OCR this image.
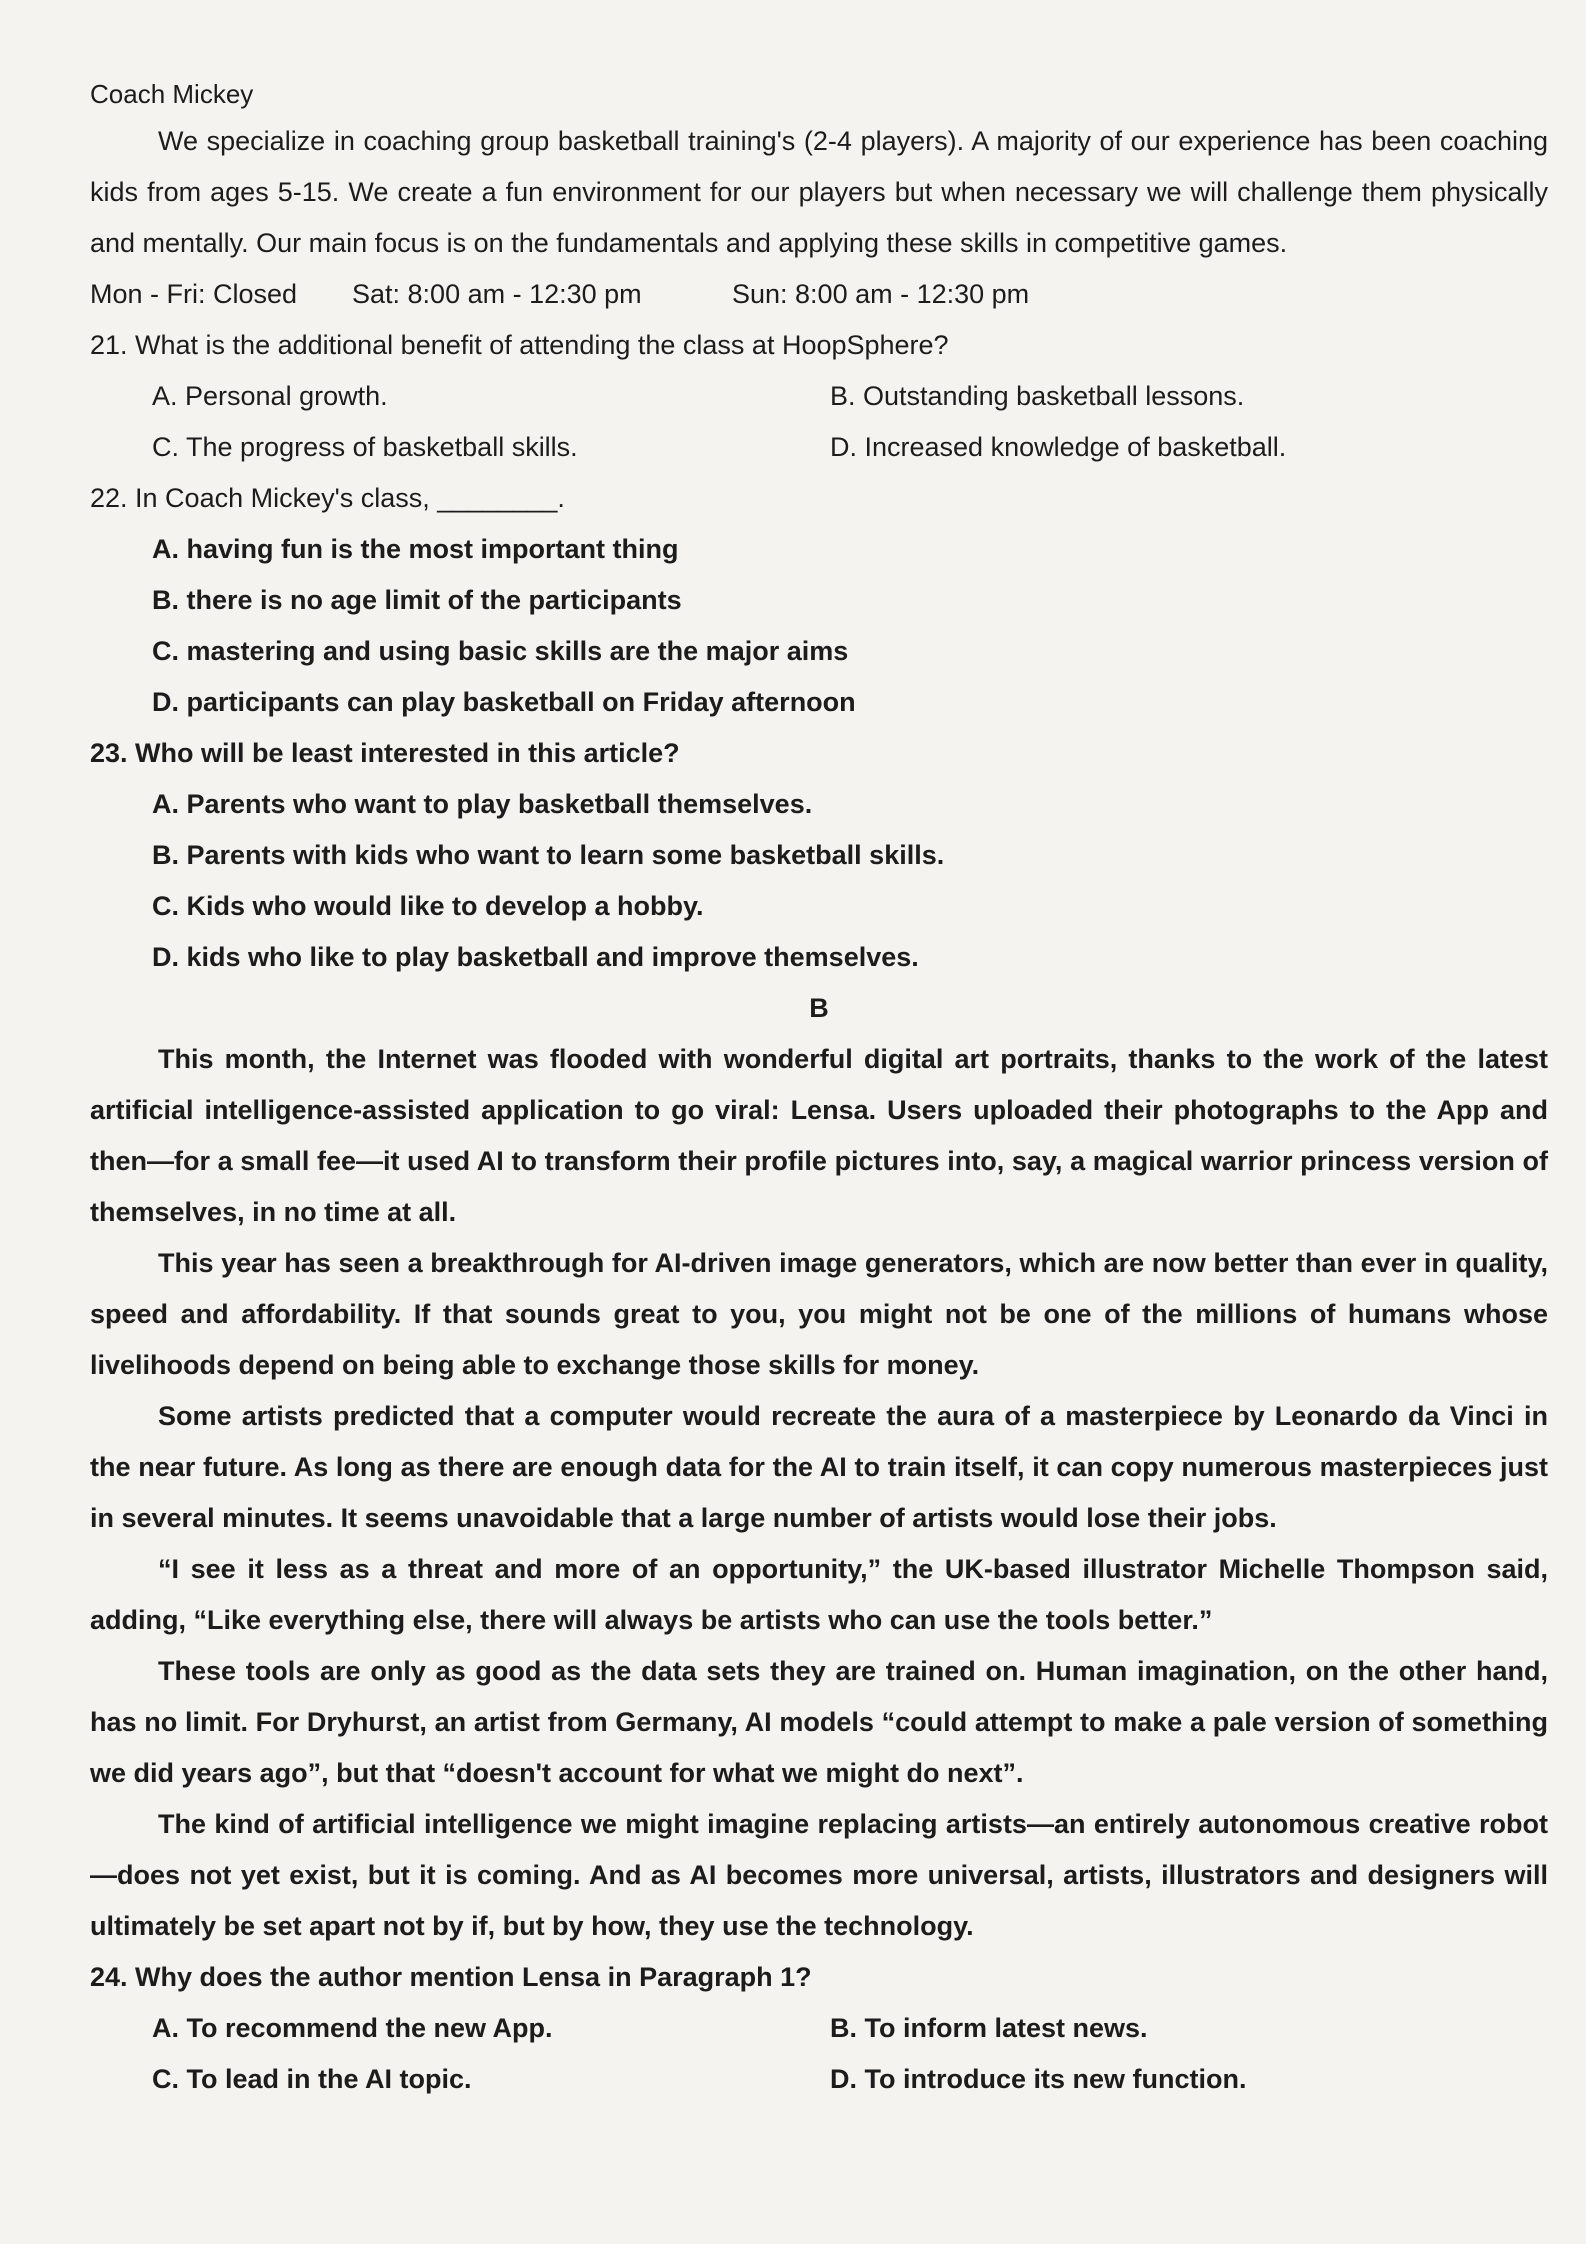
Coach Mickey
We specialize in coaching group basketball training's (2-4 players). A majority of our experience has been coaching kids from ages 5-15. We create a fun environment for our players but when necessary we will challenge them physically and mentally. Our main focus is on the fundamentals and applying these skills in competitive games.
Mon - Fri: Closed Sat: 8:00 am - 12:30 pm	Sun: 8:00 am - 12:30 pm
21. What is the additional benefit of attending the class at HoopSphere?
A. Personal growth.	B. Outstanding basketball lessons.
C. The progress of basketball skills.	D. Increased knowledge of basketball.
22. In Coach Mickey's class, ________.
A. having fun is the most important thing
B. there is no age limit of the participants
C. mastering and using basic skills are the major aims
D. participants can play basketball on Friday afternoon
23. Who will be least interested in this article?
A. Parents who want to play basketball themselves.
B. Parents with kids who want to learn some basketball skills.
C. Kids who would like to develop a hobby.
D. kids who like to play basketball and improve themselves.
B
This month, the Internet was flooded with wonderful digital art portraits, thanks to the work of the latest artificial intelligence-assisted application to go viral: Lensa. Users uploaded their photographs to the App and then—for a small fee—it used AI to transform their profile pictures into, say, a magical warrior princess version of themselves, in no time at all.
This year has seen a breakthrough for AI-driven image generators, which are now better than ever in quality, speed and affordability. If that sounds great to you, you might not be one of the millions of humans whose livelihoods depend on being able to exchange those skills for money.
Some artists predicted that a computer would recreate the aura of a masterpiece by Leonardo da Vinci in the near future. As long as there are enough data for the AI to train itself, it can copy numerous masterpieces just in several minutes. It seems unavoidable that a large number of artists would lose their jobs.
“I see it less as a threat and more of an opportunity,” the UK-based illustrator Michelle Thompson said, adding, “Like everything else, there will always be artists who can use the tools better.”
These tools are only as good as the data sets they are trained on. Human imagination, on the other hand, has no limit. For Dryhurst, an artist from Germany, AI models “could attempt to make a pale version of something we did years ago”, but that “doesn't account for what we might do next”.
The kind of artificial intelligence we might imagine replacing artists—an entirely autonomous creative robot—does not yet exist, but it is coming. And as AI becomes more universal, artists, illustrators and designers will ultimately be set apart not by if, but by how, they use the technology.
24. Why does the author mention Lensa in Paragraph 1?
A. To recommend the new App.	B. To inform latest news.
C. To lead in the AI topic.	D. To introduce its new function.
